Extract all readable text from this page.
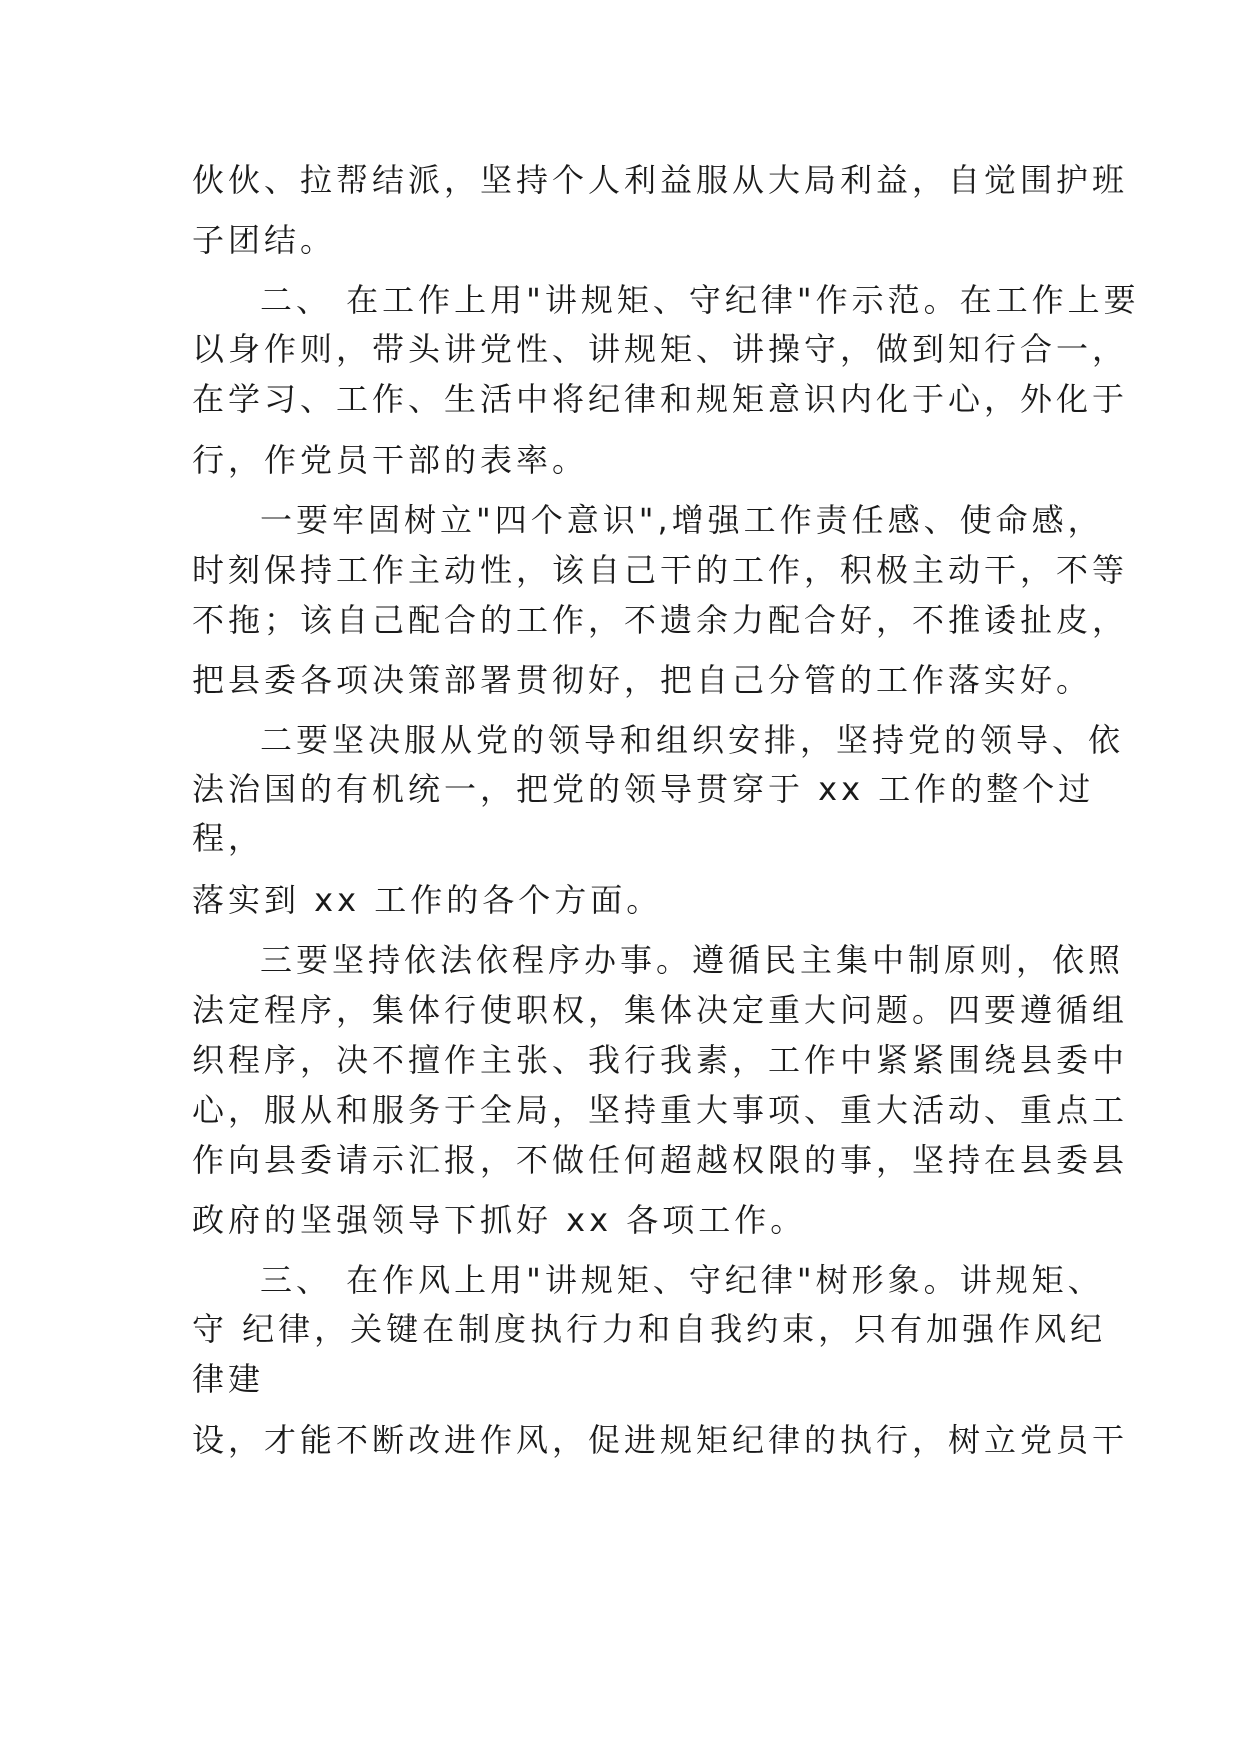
伙伙、拉帮结派，坚持个人利益服从大局利益，自觉围护班

子团结。

二、 在工作上用"讲规矩、守纪律"作示范。在工作上要

以身作则，带头讲党性、讲规矩、讲操守，做到知行合一，

在学习、工作、生活中将纪律和规矩意识内化于心，外化于

行，作党员干部的表率。

一要牢固树立"四个意识",增强工作责任感、使命感，

时刻保持工作主动性，该自己干的工作，积极主动干，不等

不拖；该自己配合的工作，不遗余力配合好，不推诿扯皮，

把县委各项决策部署贯彻好，把自己分管的工作落实好。

二要坚决服从党的领导和组织安排，坚持党的领导、依

法治国的有机统一，把党的领导贯穿于 xx 工作的整个过

程，

落实到 xx 工作的各个方面。

三要坚持依法依程序办事。遵循民主集中制原则，依照

法定程序，集体行使职权，集体决定重大问题。四要遵循组

织程序，决不擅作主张、我行我素，工作中紧紧围绕县委中

心，服从和服务于全局，坚持重大事项、重大活动、重点工

作向县委请示汇报，不做任何超越权限的事，坚持在县委县

政府的坚强领导下抓好 xx 各项工作。

三、 在作风上用"讲规矩、守纪律"树形象。讲规矩、

守 纪律，关键在制度执行力和自我约束，只有加强作风纪

律建

设，才能不断改进作风，促进规矩纪律的执行，树立党员干
